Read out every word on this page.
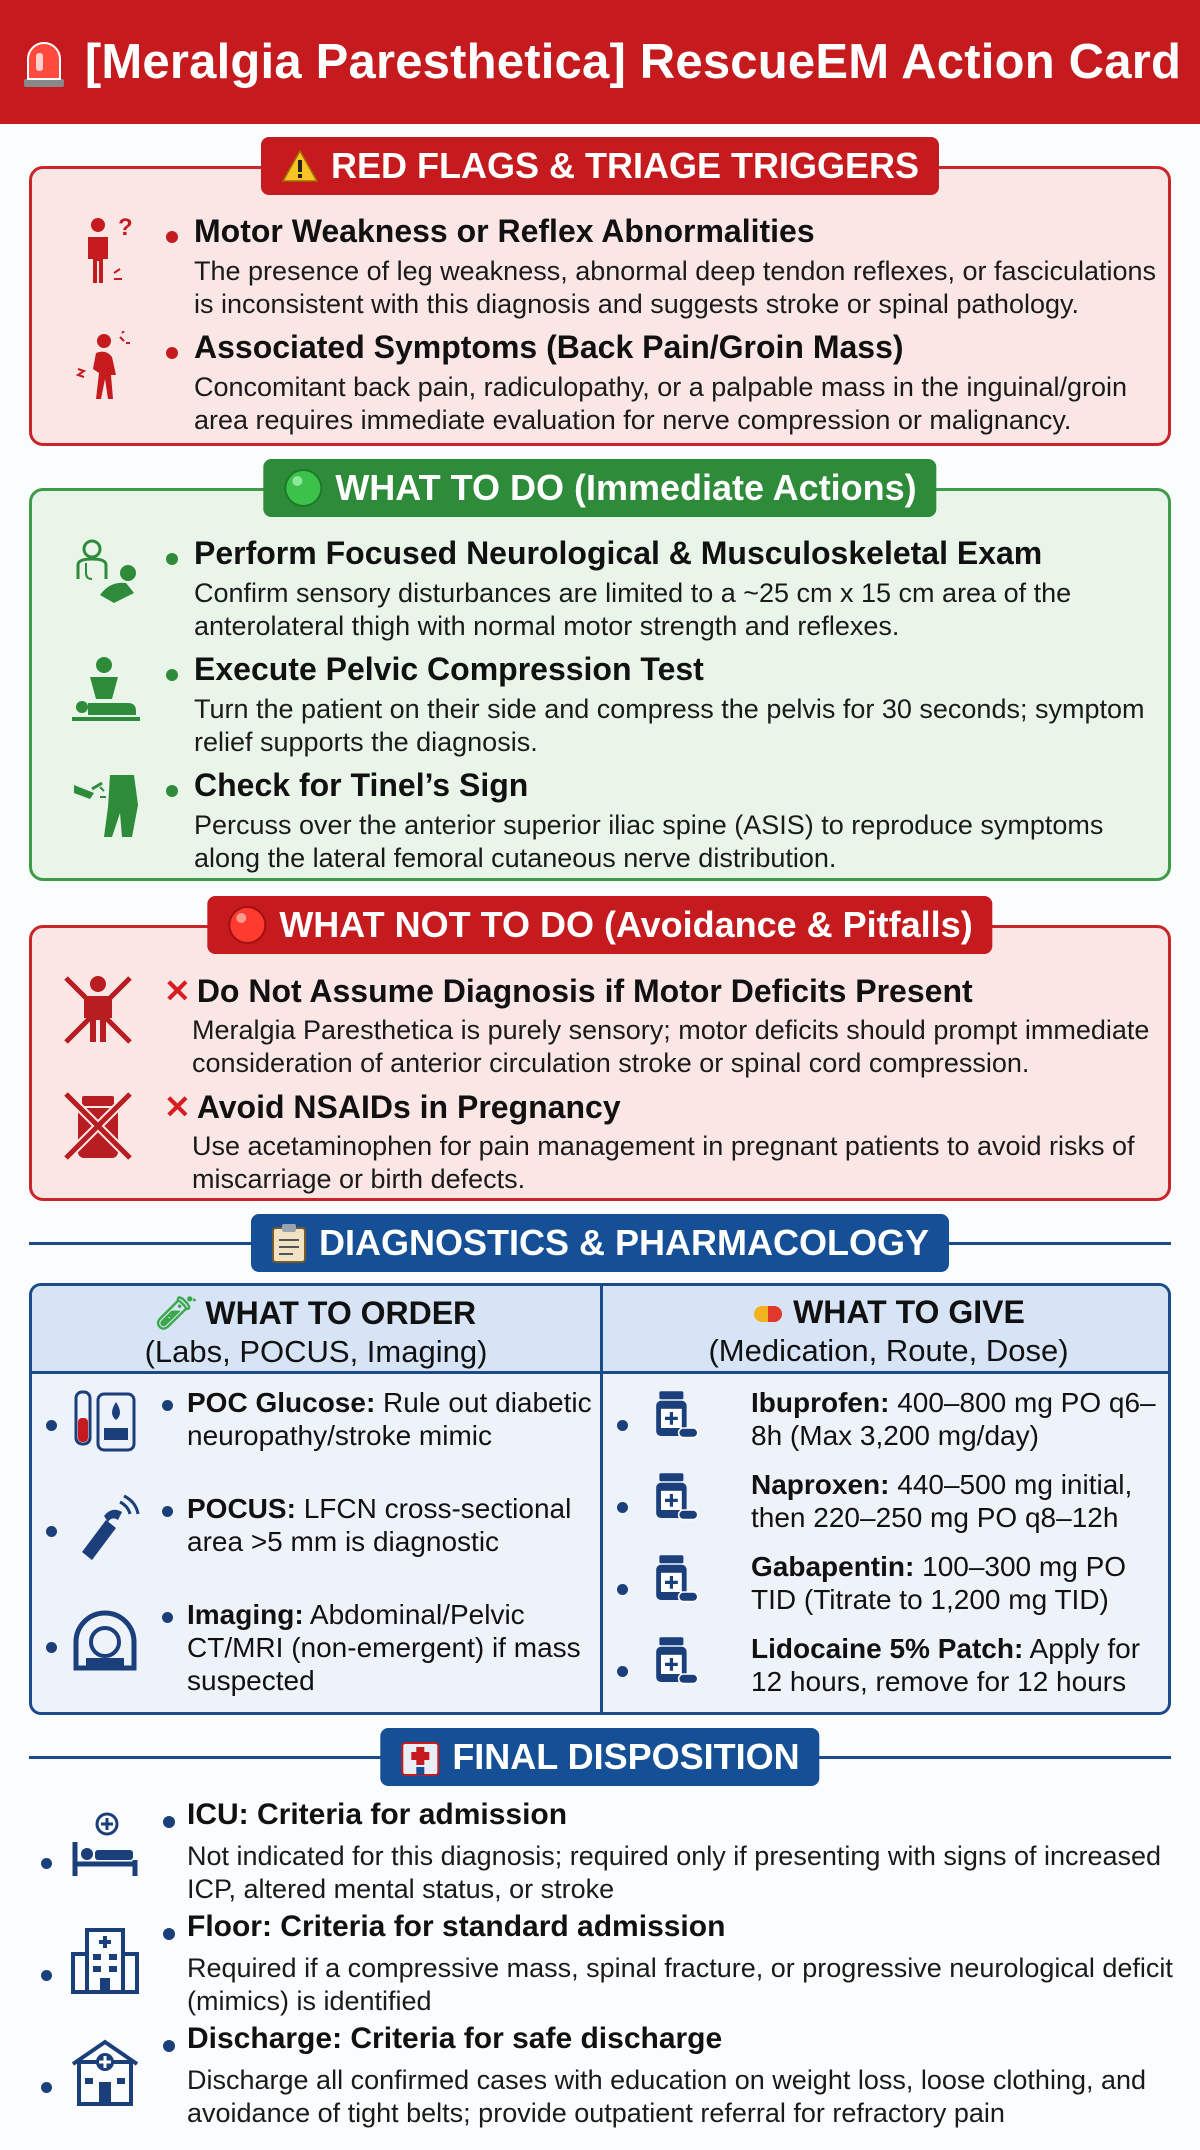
[Meralgia Paresthetica] RescueEM Action Card
RED FLAGS & TRIAGE TRIGGERS
? Motor Weakness or Reflex Abnormalities
The presence of leg weakness, abnormal deep tendon reflexes, or fasciculations is inconsistent with this diagnosis and suggests stroke or spinal pathology.
Associated Symptoms (Back Pain/Groin Mass)
Concomitant back pain, radiculopathy, or a palpable mass in the inguinal/groin area requires immediate evaluation for nerve compression or malignancy.
WHAT TO DO (Immediate Actions)
Perform Focused Neurological & Musculoskeletal Exam
Confirm sensory disturbances are limited to a ~25 cm x 15 cm area of the anterolateral thigh with normal motor strength and reflexes.
Execute Pelvic Compression Test
Turn the patient on their side and compress the pelvis for 30 seconds; symptom relief supports the diagnosis.
Check for Tinel’s Sign
Percuss over the anterior superior iliac spine (ASIS) to reproduce symptoms along the lateral femoral cutaneous nerve distribution.
WHAT NOT TO DO (Avoidance & Pitfalls)
✕ Do Not Assume Diagnosis if Motor Deficits Present
Meralgia Paresthetica is purely sensory; motor deficits should prompt immediate consideration of anterior circulation stroke or spinal cord compression.
✕ Avoid NSAIDs in Pregnancy
Use acetaminophen for pain management in pregnant patients to avoid risks of miscarriage or birth defects.
DIAGNOSTICS & PHARMACOLOGY
🧪︎ WHAT TO ORDER
(Labs, POCUS, Imaging)
WHAT TO GIVE
(Medication, Route, Dose)
POC Glucose: Rule out diabetic neuropathy/stroke mimic
POCUS: LFCN cross-sectional area >5 mm is diagnostic
Imaging: Abdominal/Pelvic CT/MRI (non-emergent) if mass suspected
Ibuprofen: 400–800 mg PO q6–8h (Max 3,200 mg/day)
Naproxen: 440–500 mg initial, then 220–250 mg PO q8–12h
Gabapentin: 100–300 mg PO TID (Titrate to 1,200 mg TID)
Lidocaine 5% Patch: Apply for 12 hours, remove for 12 hours
FINAL DISPOSITION
ICU: Criteria for admission
Not indicated for this diagnosis; required only if presenting with signs of increased ICP, altered mental status, or stroke
Floor: Criteria for standard admission
Required if a compressive mass, spinal fracture, or progressive neurological deficit (mimics) is identified
Discharge: Criteria for safe discharge
Discharge all confirmed cases with education on weight loss, loose clothing, and avoidance of tight belts; provide outpatient referral for refractory pain
